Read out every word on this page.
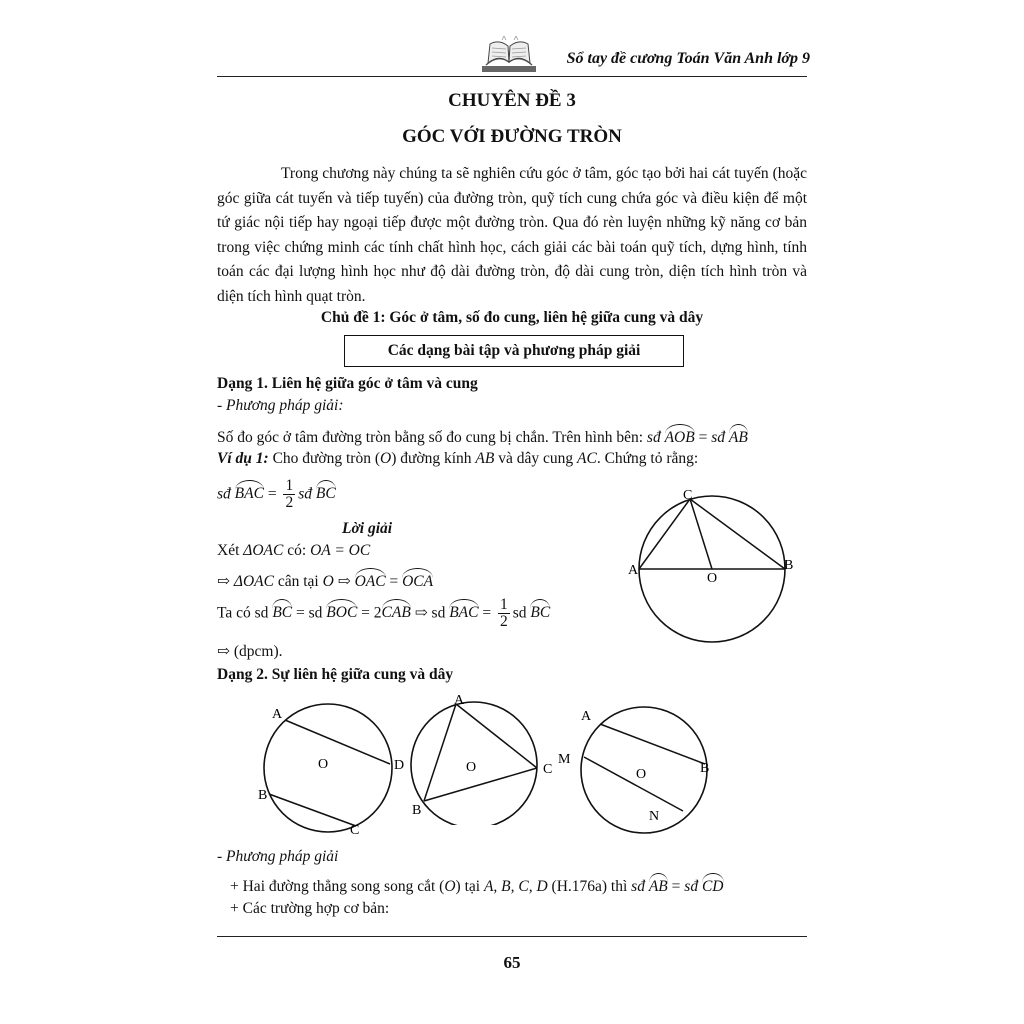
Sổ tay đề cương Toán Văn Anh lớp 9
CHUYÊN ĐỀ 3
GÓC VỚI ĐƯỜNG TRÒN
Trong chương này chúng ta sẽ nghiên cứu góc ở tâm, góc tạo bởi hai cát tuyến (hoặc góc giữa cát tuyến và tiếp tuyến) của đường tròn, quỹ tích cung chứa góc và điều kiện để một tứ giác nội tiếp hay ngoại tiếp được một đường tròn. Qua đó rèn luyện những kỹ năng cơ bản trong việc chứng minh các tính chất hình học, cách giải các bài toán quỹ tích, dựng hình, tính toán các đại lượng hình học như độ dài đường tròn, độ dài cung tròn, diện tích hình tròn và diện tích hình quạt tròn.
Chủ đề 1: Góc ở tâm, số đo cung, liên hệ giữa cung và dây
Các dạng bài tập và phương pháp giải
Dạng 1. Liên hệ giữa góc ở tâm và cung
- Phương pháp giải:
Số đo góc ở tâm đường tròn bằng số đo cung bị chắn. Trên hình bên: sđ AOB = sđ AB
Ví dụ 1: Cho đường tròn (O) đường kính AB và dây cung AC. Chứng tỏ rằng:
sđ BAC = $\frac{1}{2}$ sđ BC
Lời giải
Xét ΔOAC có: OA = OC
⇨ ΔOAC cân tại O ⇨ OAC = OCA
Ta có sd BC = sd BOC = 2CAB ⇨ sd BAC = $\frac{1}{2}$ sd BC
⇨ (dpcm).
A	B
C
O
Dạng 2. Sự liên hệ giữa cung và dây
A
D
B
C
O
A
B
C
O
A
B
M
N
O
- Phương pháp giải
+ Hai đường thẳng song song cắt (O) tại A, B, C, D (H.176a) thì sđ AB = sđ CD
+ Các trường hợp cơ bản:
65
